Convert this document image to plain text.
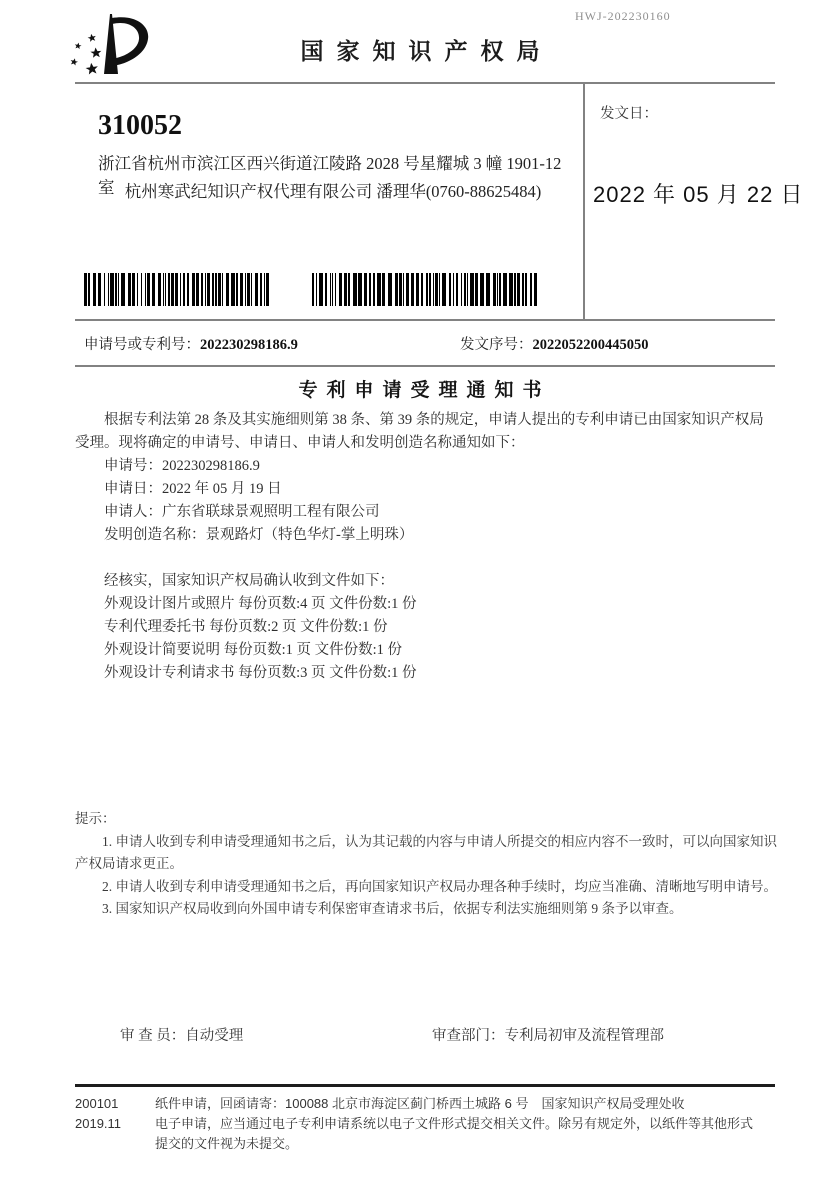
HWJ-202230160
国家知识产权局
310052
浙江省杭州市滨江区西兴街道江陵路 2028 号星耀城 3 幢 1901-12 室 杭州寒武纪知识产权代理有限公司 潘理华(0760-88625484)
发文日：
2022 年 05 月 22 日
申请号或专利号：202230298186.9	发文序号：2022052200445050
专利申请受理通知书
根据专利法第 28 条及其实施细则第 38 条、第 39 条的规定，申请人提出的专利申请已由国家知识产权局受理。现将确定的申请号、申请日、申请人和发明创造名称通知如下：
申请号：202230298186.9
申请日：2022 年 05 月 19 日
申请人：广东省联球景观照明工程有限公司
发明创造名称：景观路灯（特色华灯-掌上明珠）
经核实，国家知识产权局确认收到文件如下：
外观设计图片或照片 每份页数:4 页 文件份数:1 份
专利代理委托书 每份页数:2 页 文件份数:1 份
外观设计简要说明 每份页数:1 页 文件份数:1 份
外观设计专利请求书 每份页数:3 页 文件份数:1 份
提示：
1. 申请人收到专利申请受理通知书之后，认为其记载的内容与申请人所提交的相应内容不一致时，可以向国家知识产权局请求更正。
2. 申请人收到专利申请受理通知书之后，再向国家知识产权局办理各种手续时，均应当准确、清晰地写明申请号。
3. 国家知识产权局收到向外国申请专利保密审查请求书后，依据专利法实施细则第 9 条予以审查。
审 查 员：自动受理	审查部门：专利局初审及流程管理部
200101	纸件申请，回函请寄：100088 北京市海淀区蓟门桥西土城路 6 号　国家知识产权局受理处收
2019.11	电子申请，应当通过电子专利申请系统以电子文件形式提交相关文件。除另有规定外，以纸件等其他形式提交的文件视为未提交。
